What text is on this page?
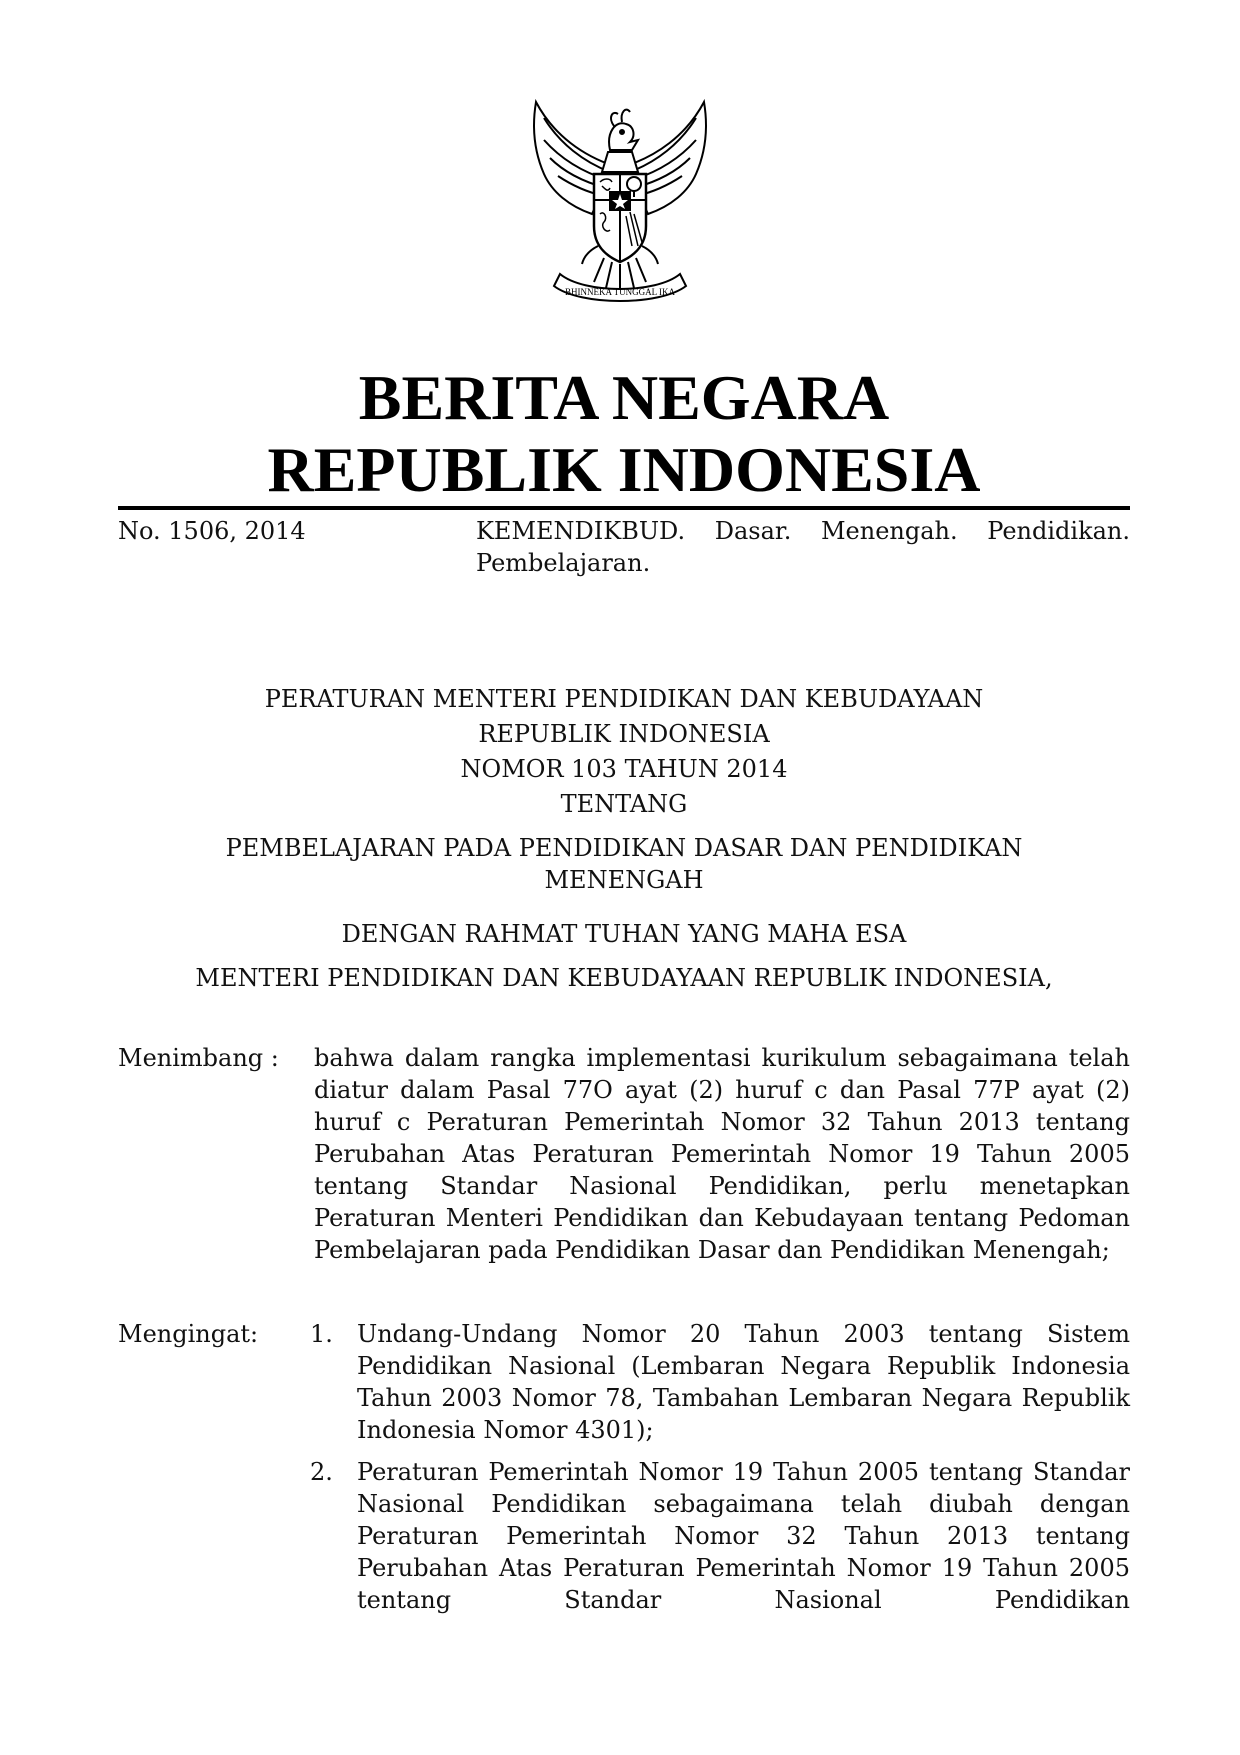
BHINNEKA TUNGGAL IKA
BERITA NEGARA
REPUBLIK INDONESIA
No. 1506, 2014	KEMENDIKBUD. Dasar. Menengah. Pendidikan. Pembelajaran.
PERATURAN MENTERI PENDIDIKAN DAN KEBUDAYAAN
REPUBLIK INDONESIA
NOMOR 103 TAHUN 2014
TENTANG
PEMBELAJARAN PADA PENDIDIKAN DASAR DAN PENDIDIKAN
MENENGAH
DENGAN RAHMAT TUHAN YANG MAHA ESA
MENTERI PENDIDIKAN DAN KEBUDAYAAN REPUBLIK INDONESIA,
Menimbang : bahwa dalam rangka implementasi kurikulum sebagaimana telah diatur dalam Pasal 77O ayat (2) huruf c dan Pasal 77P ayat (2) huruf c Peraturan Pemerintah Nomor 32 Tahun 2013 tentang Perubahan Atas Peraturan Pemerintah Nomor 19 Tahun 2005 tentang Standar Nasional Pendidikan, perlu menetapkan Peraturan Menteri Pendidikan dan Kebudayaan tentang Pedoman Pembelajaran pada Pendidikan Dasar dan Pendidikan Menengah;
Mengingat: 1. Undang-Undang Nomor 20 Tahun 2003 tentang Sistem Pendidikan Nasional (Lembaran Negara Republik Indonesia Tahun 2003 Nomor 78, Tambahan Lembaran Negara Republik Indonesia Nomor 4301);
2. Peraturan Pemerintah Nomor 19 Tahun 2005 tentang Standar Nasional Pendidikan sebagaimana telah diubah dengan Peraturan Pemerintah Nomor 32 Tahun 2013 tentang Perubahan Atas Peraturan Pemerintah Nomor 19 Tahun 2005 tentang Standar Nasional Pendidikan
